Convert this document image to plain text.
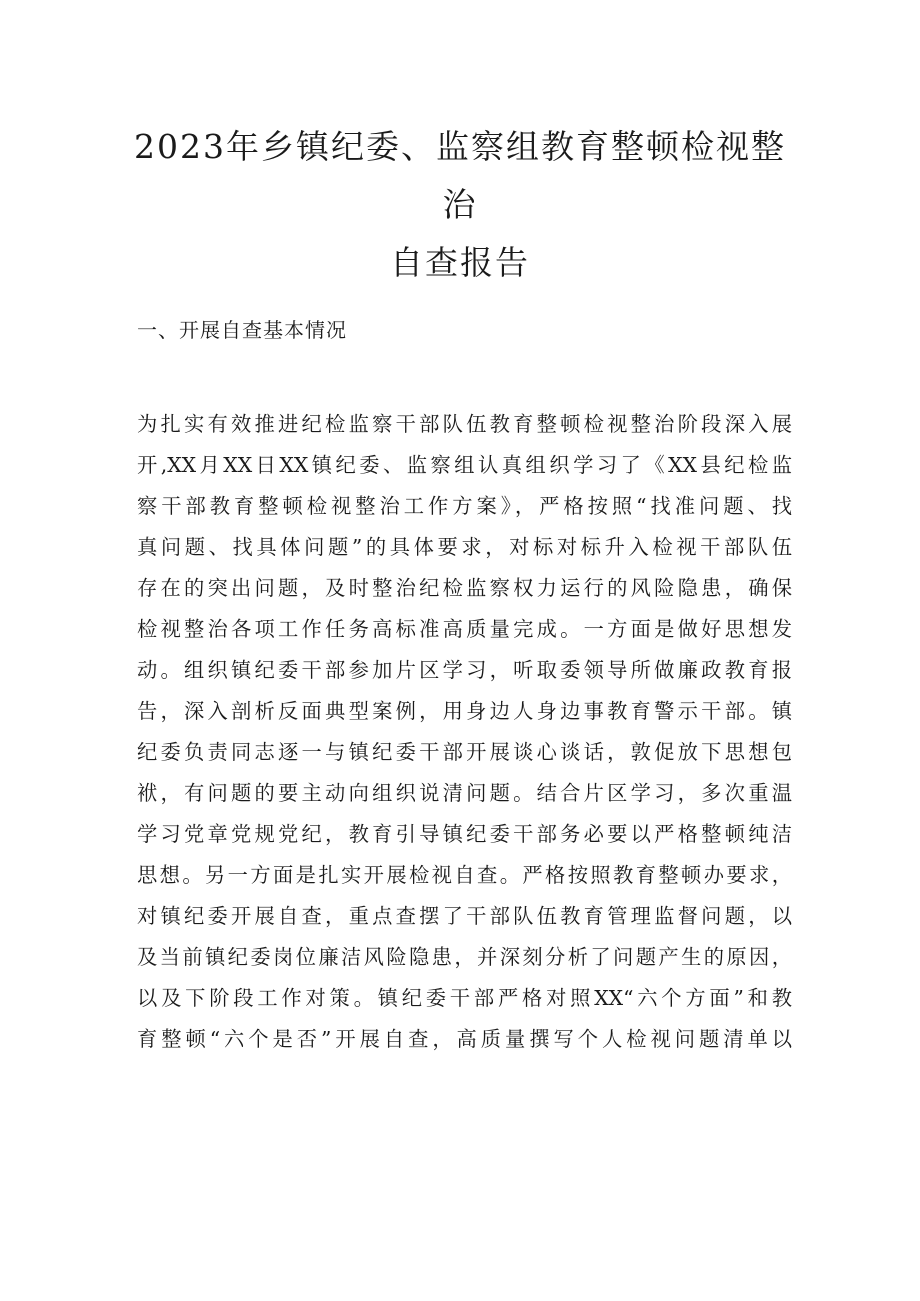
2023年乡镇纪委、监察组教育整顿检视整治
自查报告
一、开展自查基本情况
为扎实有效推进纪检监察干部队伍教育整顿检视整治阶段深入展
开,XX月XX日XX镇纪委、监察组认真组织学习了《XX县纪检监
察干部教育整顿检视整治工作方案》，严格按照“找准问题、找
真问题、找具体问题”的具体要求，对标对标升入检视干部队伍
存在的突出问题，及时整治纪检监察权力运行的风险隐患，确保
检视整治各项工作任务高标准高质量完成。一方面是做好思想发
动。组织镇纪委干部参加片区学习，听取委领导所做廉政教育报
告，深入剖析反面典型案例，用身边人身边事教育警示干部。镇
纪委负责同志逐一与镇纪委干部开展谈心谈话，敦促放下思想包
袱，有问题的要主动向组织说清问题。结合片区学习，多次重温
学习党章党规党纪，教育引导镇纪委干部务必要以严格整顿纯洁
思想。另一方面是扎实开展检视自查。严格按照教育整顿办要求，
对镇纪委开展自查，重点查摆了干部队伍教育管理监督问题，以
及当前镇纪委岗位廉洁风险隐患，并深刻分析了问题产生的原因，
以及下阶段工作对策。镇纪委干部严格对照XX“六个方面”和教
育整顿“六个是否”开展自查，高质量撰写个人检视问题清单以
